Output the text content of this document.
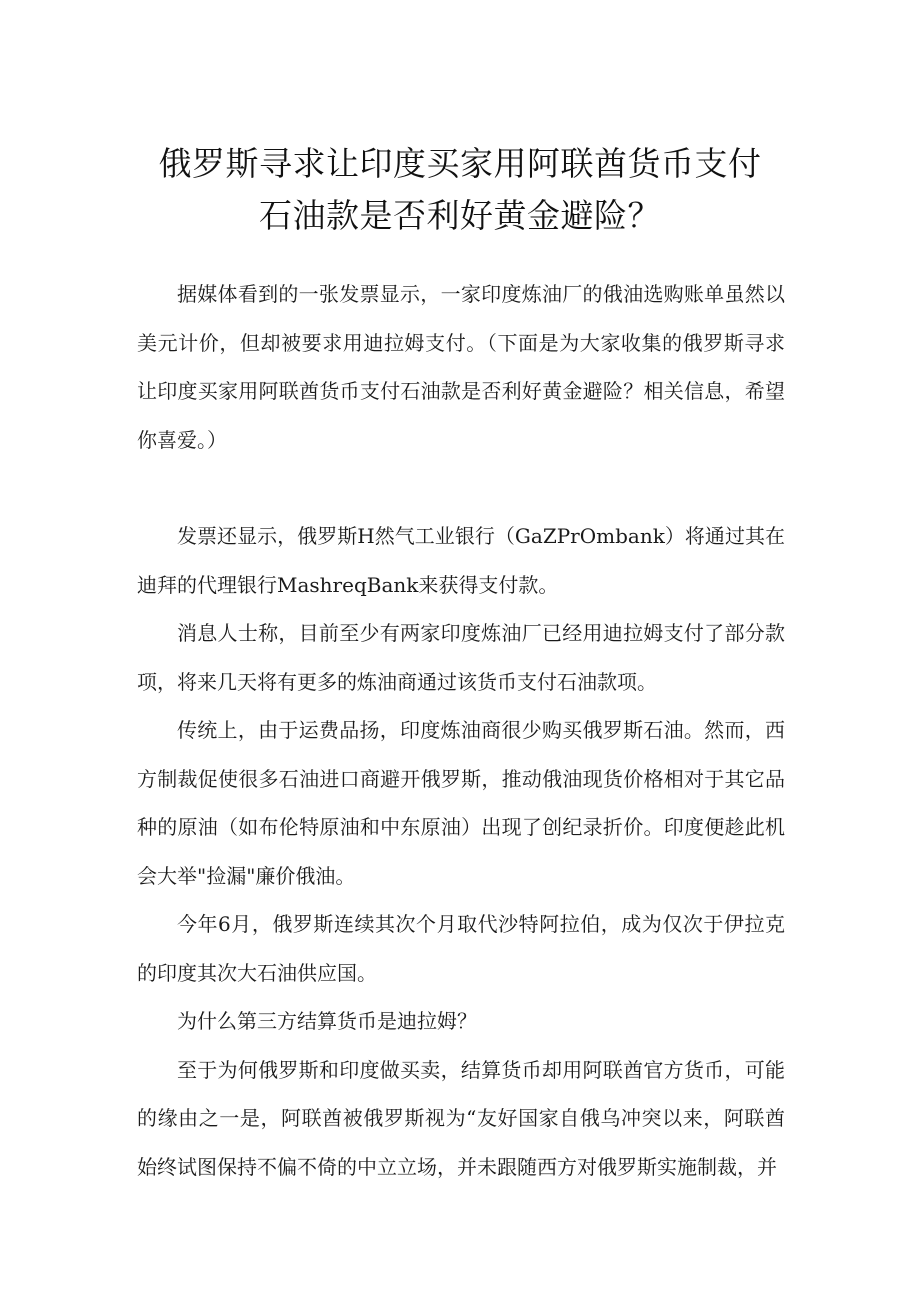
俄罗斯寻求让印度买家用阿联酋货币支付
石油款是否利好黄金避险？

据媒体看到的一张发票显示，一家印度炼油厂的俄油选购账单虽然以美元计价，但却被要求用迪拉姆支付。（下面是为大家收集的俄罗斯寻求让印度买家用阿联酋货币支付石油款是否利好黄金避险？相关信息，希望你喜爱。）

发票还显示，俄罗斯H然气工业银行（GaZPrOmbank）将通过其在迪拜的代理银行MashreqBank来获得支付款。

消息人士称，目前至少有两家印度炼油厂已经用迪拉姆支付了部分款项，将来几天将有更多的炼油商通过该货币支付石油款项。

传统上，由于运费品扬，印度炼油商很少购买俄罗斯石油。然而，西方制裁促使很多石油进口商避开俄罗斯，推动俄油现货价格相对于其它品种的原油（如布伦特原油和中东原油）出现了创纪录折价。印度便趁此机会大举"捡漏"廉价俄油。

今年6月，俄罗斯连续其次个月取代沙特阿拉伯，成为仅次于伊拉克的印度其次大石油供应国。

为什么第三方结算货币是迪拉姆？

至于为何俄罗斯和印度做买卖，结算货币却用阿联酋官方货币，可能的缘由之一是，阿联酋被俄罗斯视为“友好国家自俄乌冲突以来，阿联酋始终试图保持不偏不倚的中立立场，并未跟随西方对俄罗斯实施制裁，并
